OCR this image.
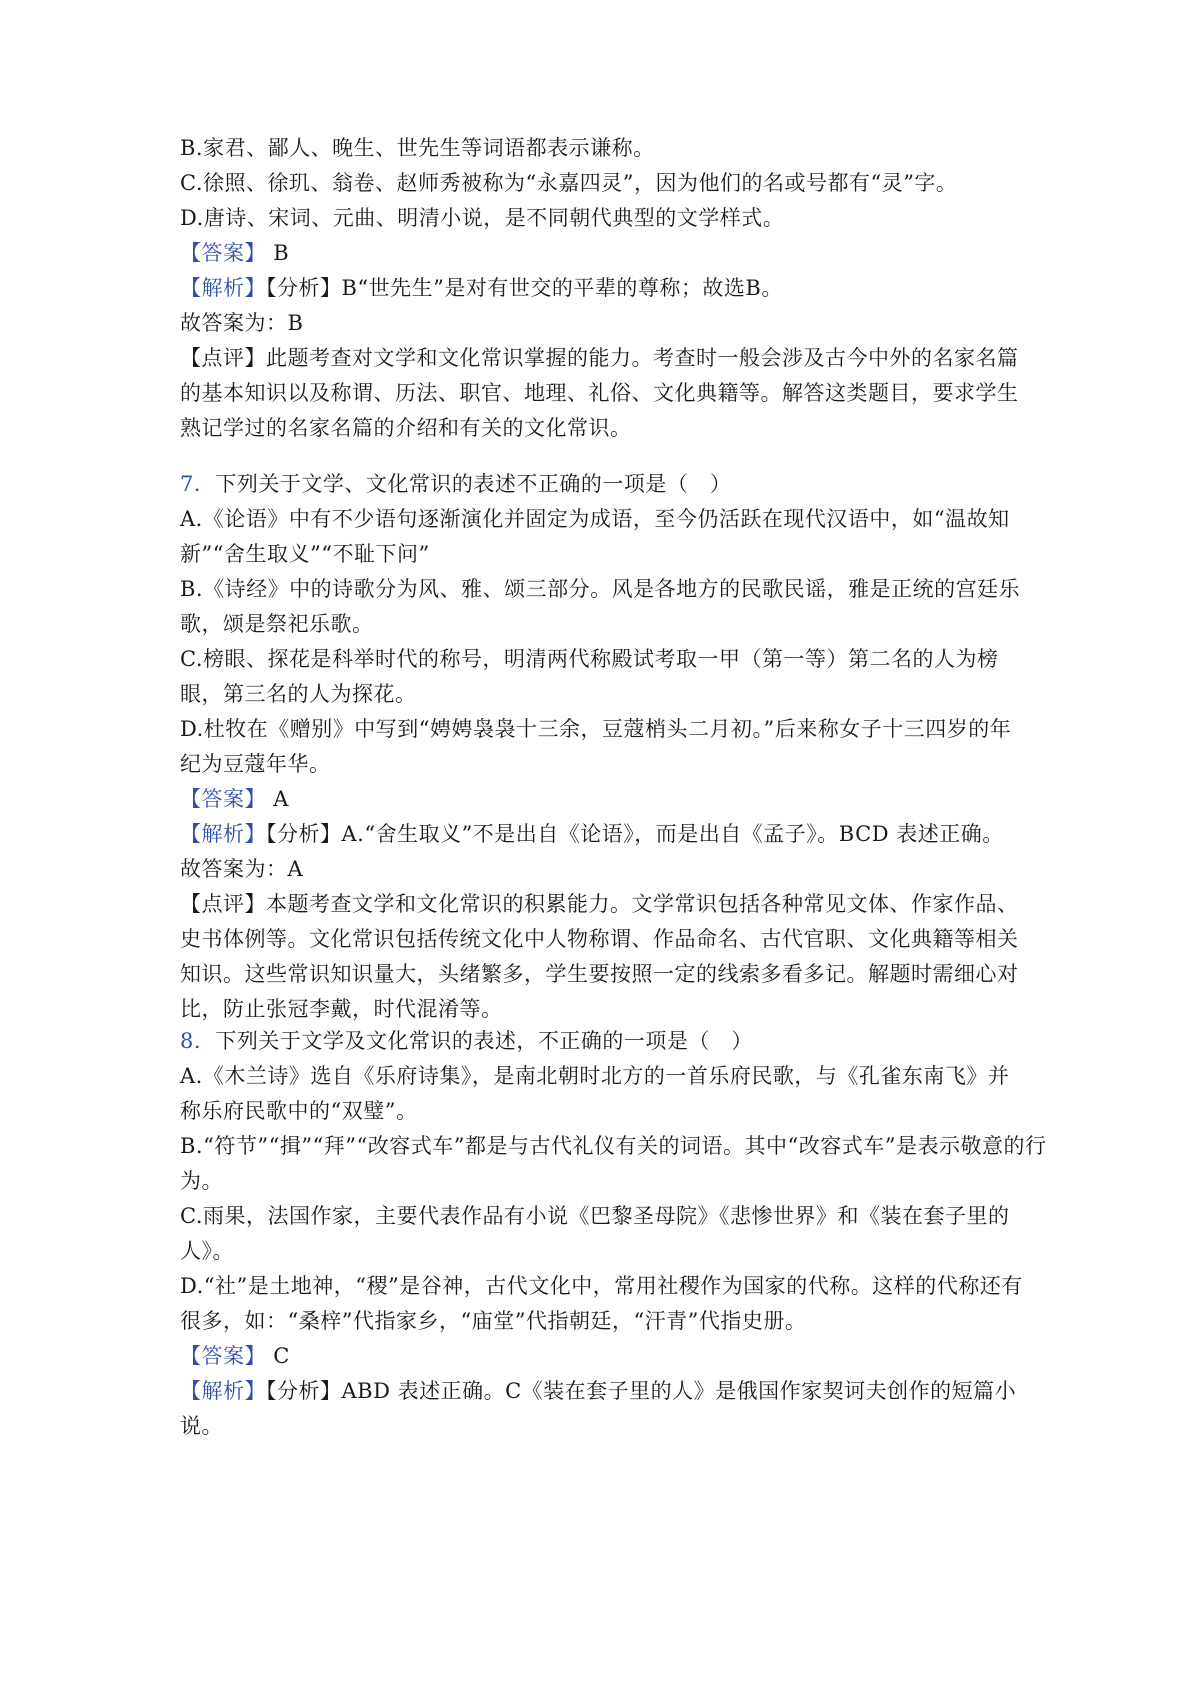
B.家君、鄙人、晚生、世先生等词语都表示谦称。
C.徐照、徐玑、翁卷、赵师秀被称为“永嘉四灵”，因为他们的名或号都有“灵”字。
D.唐诗、宋词、元曲、明清小说，是不同朝代典型的文学样式。
【答案】 B
【解析】【分析】B“世先生”是对有世交的平辈的尊称；故选B。
故答案为：B
【点评】此题考查对文学和文化常识掌握的能力。考查时一般会涉及古今中外的名家名篇
的基本知识以及称谓、历法、职官、地理、礼俗、文化典籍等。解答这类题目，要求学生
熟记学过的名家名篇的介绍和有关的文化常识。
7．下列关于文学、文化常识的表述不正确的一项是（　）
A.《论语》中有不少语句逐渐演化并固定为成语，至今仍活跃在现代汉语中，如“温故知
新”“舍生取义”“不耻下问”
B.《诗经》中的诗歌分为风、雅、颂三部分。风是各地方的民歌民谣，雅是正统的宫廷乐
歌，颂是祭祀乐歌。
C.榜眼、探花是科举时代的称号，明清两代称殿试考取一甲（第一等）第二名的人为榜
眼，第三名的人为探花。
D.杜牧在《赠别》中写到“娉娉袅袅十三余，豆蔻梢头二月初。”后来称女子十三四岁的年
纪为豆蔻年华。
【答案】 A
【解析】【分析】A.“舍生取义”不是出自《论语》，而是出自《孟子》。BCD 表述正确。
故答案为：A
【点评】本题考查文学和文化常识的积累能力。文学常识包括各种常见文体、作家作品、
史书体例等。文化常识包括传统文化中人物称谓、作品命名、古代官职、文化典籍等相关
知识。这些常识知识量大，头绪繁多，学生要按照一定的线索多看多记。解题时需细心对
比，防止张冠李戴，时代混淆等。
8．下列关于文学及文化常识的表述，不正确的一项是（　）
A.《木兰诗》选自《乐府诗集》，是南北朝时北方的一首乐府民歌，与《孔雀东南飞》并
称乐府民歌中的“双璧”。
B.“符节”“揖”“拜”“改容式车”都是与古代礼仪有关的词语。其中“改容式车”是表示敬意的行
为。
C.雨果，法国作家，主要代表作品有小说《巴黎圣母院》《悲惨世界》和《装在套子里的
人》。
D.“社”是土地神，“稷”是谷神，古代文化中，常用社稷作为国家的代称。这样的代称还有
很多，如：“桑梓”代指家乡，“庙堂”代指朝廷，“汗青”代指史册。
【答案】 C
【解析】【分析】ABD 表述正确。C《装在套子里的人》是俄国作家契诃夫创作的短篇小
说。
